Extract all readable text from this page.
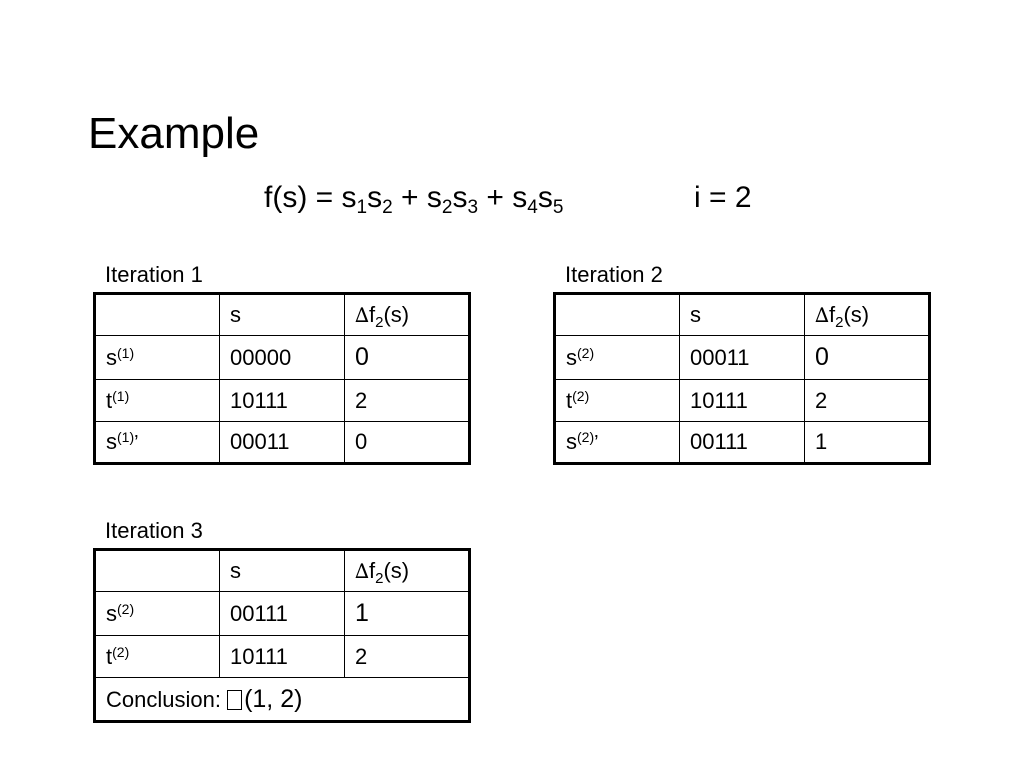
Example
$f(s) = s_1s_2 + s_2s_3 + s_4s_5$	i = 2
Iteration 1
	s	$\Delta f_2(s)$
$s^{(1)}$	00000	0
$t^{(1)}$	10111	2
$s^{(1)}$’	00011	0
Iteration 2
	s	$\Delta f_2(s)$
$s^{(2)}$	00011	0
$t^{(2)}$	10111	2
$s^{(2)}$’	00111	1
Iteration 3
	s	$\Delta f_2(s)$
$s^{(2)}$	00111	1
$t^{(2)}$	10111	2
Conclusion: (1, 2)		
